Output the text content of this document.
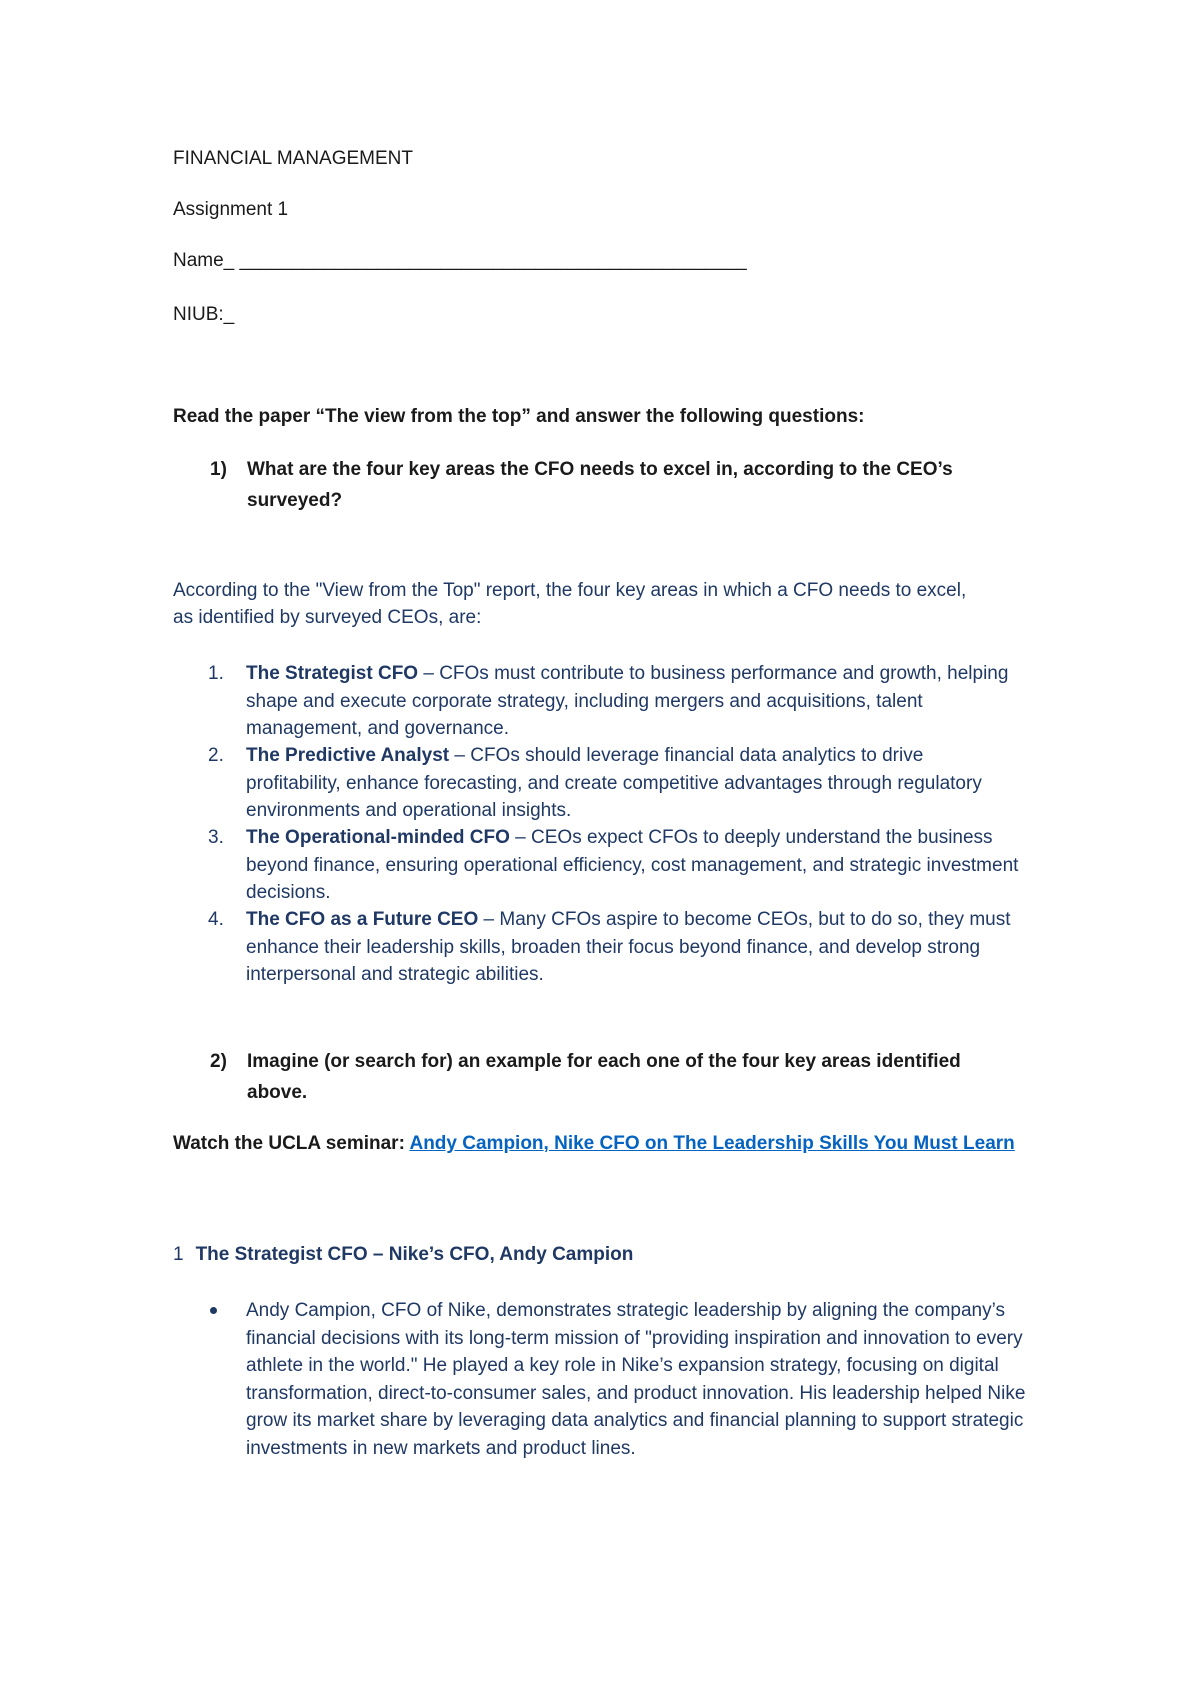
FINANCIAL MANAGEMENT
Assignment 1
Name_ ________________________________________________
NIUB:_
Read the paper “The view from the top” and answer the following questions:
1) What are the four key areas the CFO needs to excel in, according to the CEO’s
surveyed?
According to the "View from the Top" report, the four key areas in which a CFO needs to excel,
as identified by surveyed CEOs, are:
1. The Strategist CFO – CFOs must contribute to business performance and growth, helping shape and execute corporate strategy, including mergers and acquisitions, talent management, and governance.
2. The Predictive Analyst – CFOs should leverage financial data analytics to drive profitability, enhance forecasting, and create competitive advantages through regulatory environments and operational insights.
3. The Operational-minded CFO – CEOs expect CFOs to deeply understand the business beyond finance, ensuring operational efficiency, cost management, and strategic investment decisions.
4. The CFO as a Future CEO – Many CFOs aspire to become CEOs, but to do so, they must enhance their leadership skills, broaden their focus beyond finance, and develop strong interpersonal and strategic abilities.
2) Imagine (or search for) an example for each one of the four key areas identified
above.
Watch the UCLA seminar: Andy Campion, Nike CFO on The Leadership Skills You Must Learn
1 The Strategist CFO – Nike’s CFO, Andy Campion
Andy Campion, CFO of Nike, demonstrates strategic leadership by aligning the company’s financial decisions with its long-term mission of "providing inspiration and innovation to every athlete in the world." He played a key role in Nike’s expansion strategy, focusing on digital transformation, direct-to-consumer sales, and product innovation. His leadership helped Nike grow its market share by leveraging data analytics and financial planning to support strategic investments in new markets and product lines.
